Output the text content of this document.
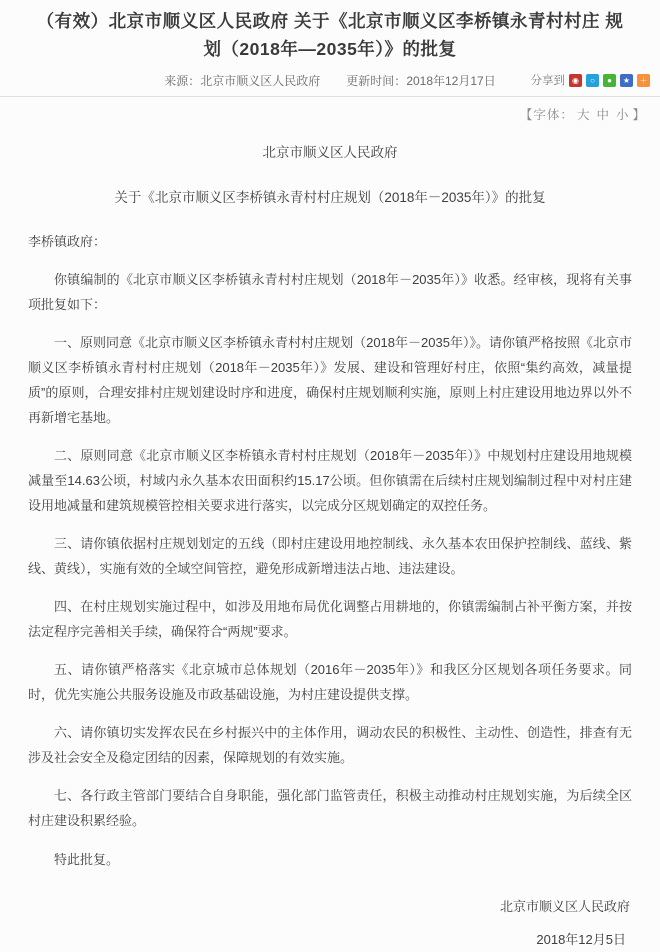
（有效）北京市顺义区人民政府 关于《北京市顺义区李桥镇永青村村庄 规划（2018年—2035年）》的批复
来源：北京市顺义区人民政府 更新时间：2018年12月17日	分享到 ◉	○	●	★	＋
【字体： 大 中 小 】
北京市顺义区人民政府
关于《北京市顺义区李桥镇永青村村庄规划（2018年－2035年）》的批复
李桥镇政府：

你镇编制的《北京市顺义区李桥镇永青村村庄规划（2018年－2035年）》收悉。经审核，现将有关事项批复如下：

一、原则同意《北京市顺义区李桥镇永青村村庄规划（2018年－2035年）》。请你镇严格按照《北京市顺义区李桥镇永青村村庄规划（2018年－2035年）》发展、建设和管理好村庄，依照“集约高效，减量提质”的原则，合理安排村庄规划建设时序和进度，确保村庄规划顺利实施，原则上村庄建设用地边界以外不再新增宅基地。

二、原则同意《北京市顺义区李桥镇永青村村庄规划（2018年－2035年）》中规划村庄建设用地规模减量至14.63公顷，村域内永久基本农田面积约15.17公顷。但你镇需在后续村庄规划编制过程中对村庄建设用地减量和建筑规模管控相关要求进行落实，以完成分区规划确定的双控任务。

三、请你镇依据村庄规划划定的五线（即村庄建设用地控制线、永久基本农田保护控制线、蓝线、紫线、黄线），实施有效的全域空间管控，避免形成新增违法占地、违法建设。

四、在村庄规划实施过程中，如涉及用地布局优化调整占用耕地的，你镇需编制占补平衡方案，并按法定程序完善相关手续，确保符合“两规”要求。

五、请你镇严格落实《北京城市总体规划（2016年－2035年）》和我区分区规划各项任务要求。同时，优先实施公共服务设施及市政基础设施，为村庄建设提供支撑。

六、请你镇切实发挥农民在乡村振兴中的主体作用，调动农民的积极性、主动性、创造性，排查有无涉及社会安全及稳定团结的因素，保障规划的有效实施。

七、各行政主管部门要结合自身职能，强化部门监管责任，积极主动推动村庄规划实施，为后续全区村庄建设积累经验。

特此批复。

北京市顺义区人民政府
2018年12月5日
